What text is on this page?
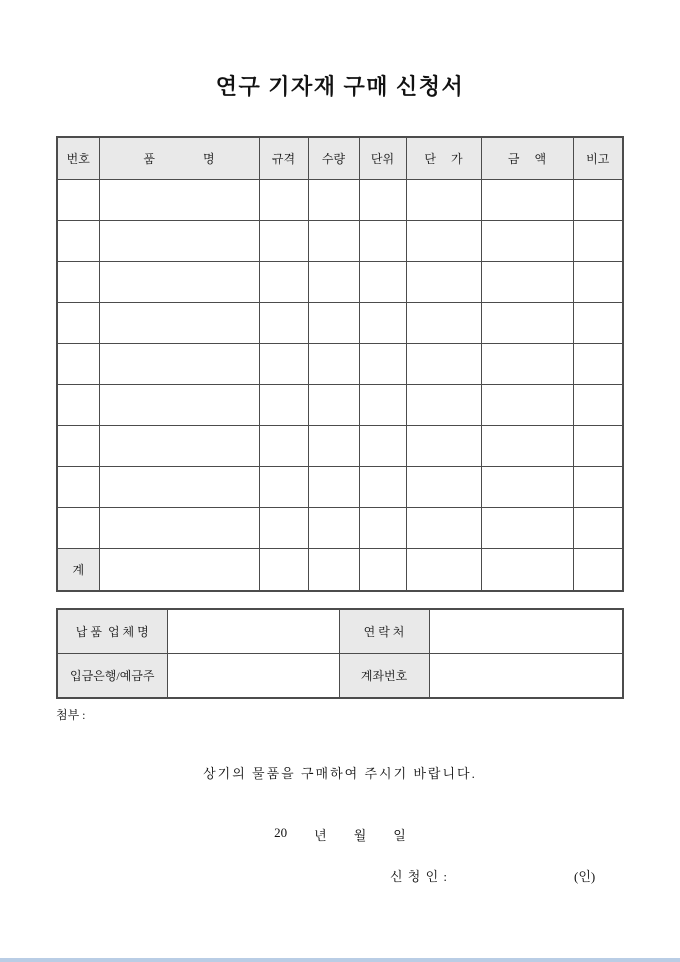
연구 기자재 구매 신청서
번호	품　　　　명	규격	수량	단위	단　 가	금　 액	비고

계							
납 품  업 체 명		연 락 처	
입금은행/예금주		계좌번호	
첨부 :
상기의 물품을 구매하여 주시기 바랍니다.
20 년 월 일
신 청 인 :	(인)
